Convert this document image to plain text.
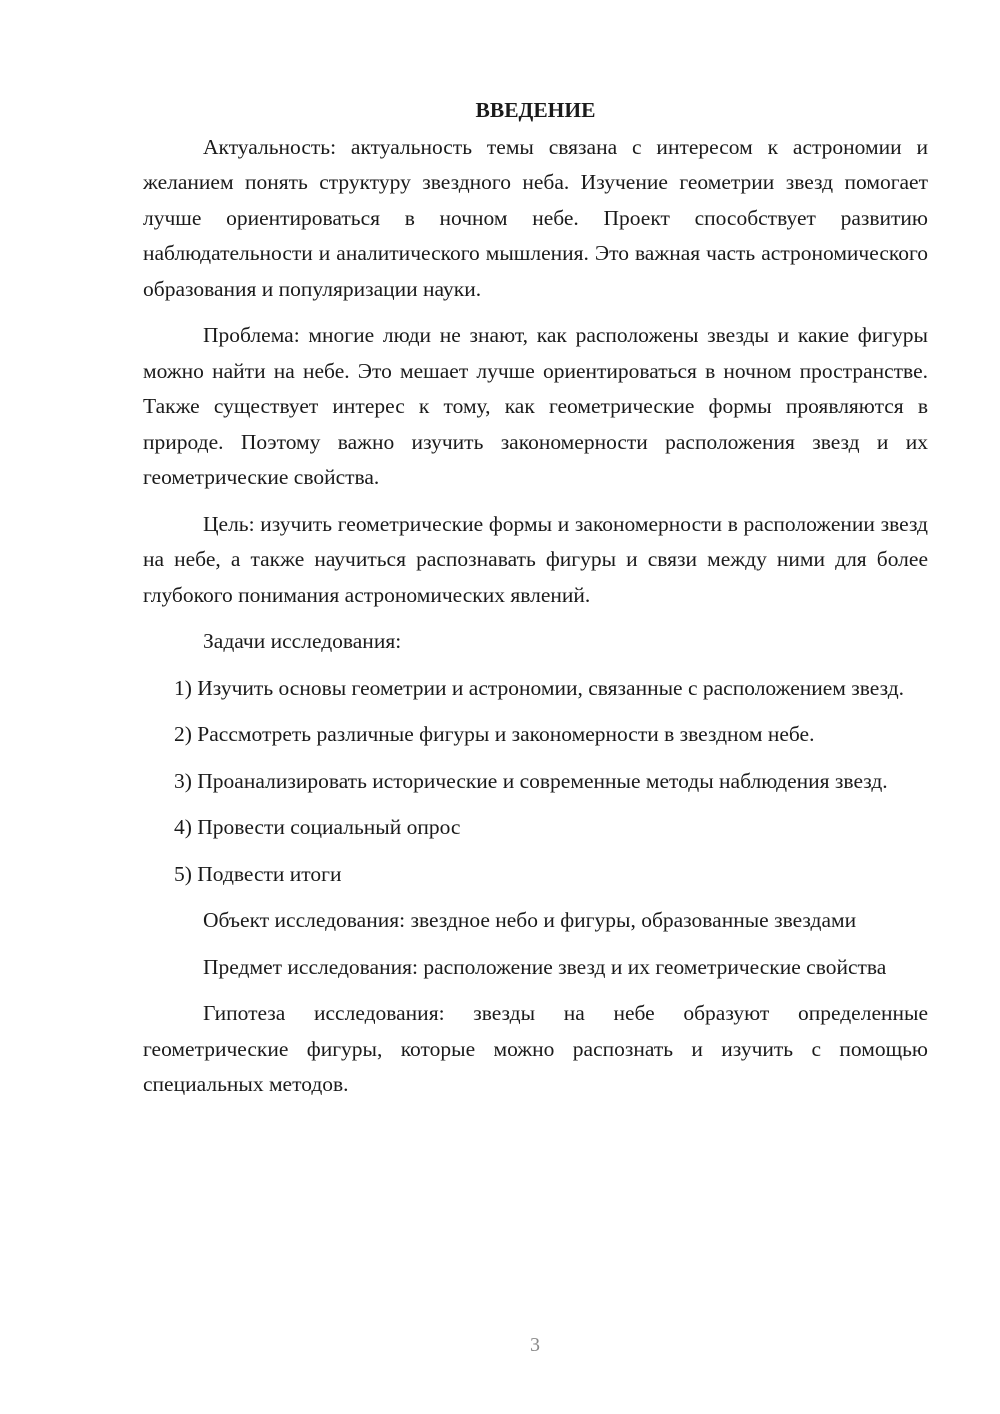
ВВЕДЕНИЕ

Актуальность: актуальность темы связана с интересом к астрономии и желанием понять структуру звездного неба. Изучение геометрии звезд помогает лучше ориентироваться в ночном небе. Проект способствует развитию наблюдательности и аналитического мышления. Это важная часть астрономического образования и популяризации науки.

Проблема: многие люди не знают, как расположены звезды и какие фигуры можно найти на небе. Это мешает лучше ориентироваться в ночном пространстве. Также существует интерес к тому, как геометрические формы проявляются в природе. Поэтому важно изучить закономерности расположения звезд и их геометрические свойства.

Цель: изучить геометрические формы и закономерности в расположении звезд на небе, а также научиться распознавать фигуры и связи между ними для более глубокого понимания астрономических явлений.

Задачи исследования:

1) Изучить основы геометрии и астрономии, связанные с расположением звезд.

2) Рассмотреть различные фигуры и закономерности в звездном небе.

3) Проанализировать исторические и современные методы наблюдения звезд.

4) Провести социальный опрос

5) Подвести итоги

Объект исследования: звездное небо и фигуры, образованные звездами

Предмет исследования: расположение звезд и их геометрические свойства

Гипотеза исследования: звезды на небе образуют определенные геометрические фигуры, которые можно распознать и изучить с помощью специальных методов.

3
